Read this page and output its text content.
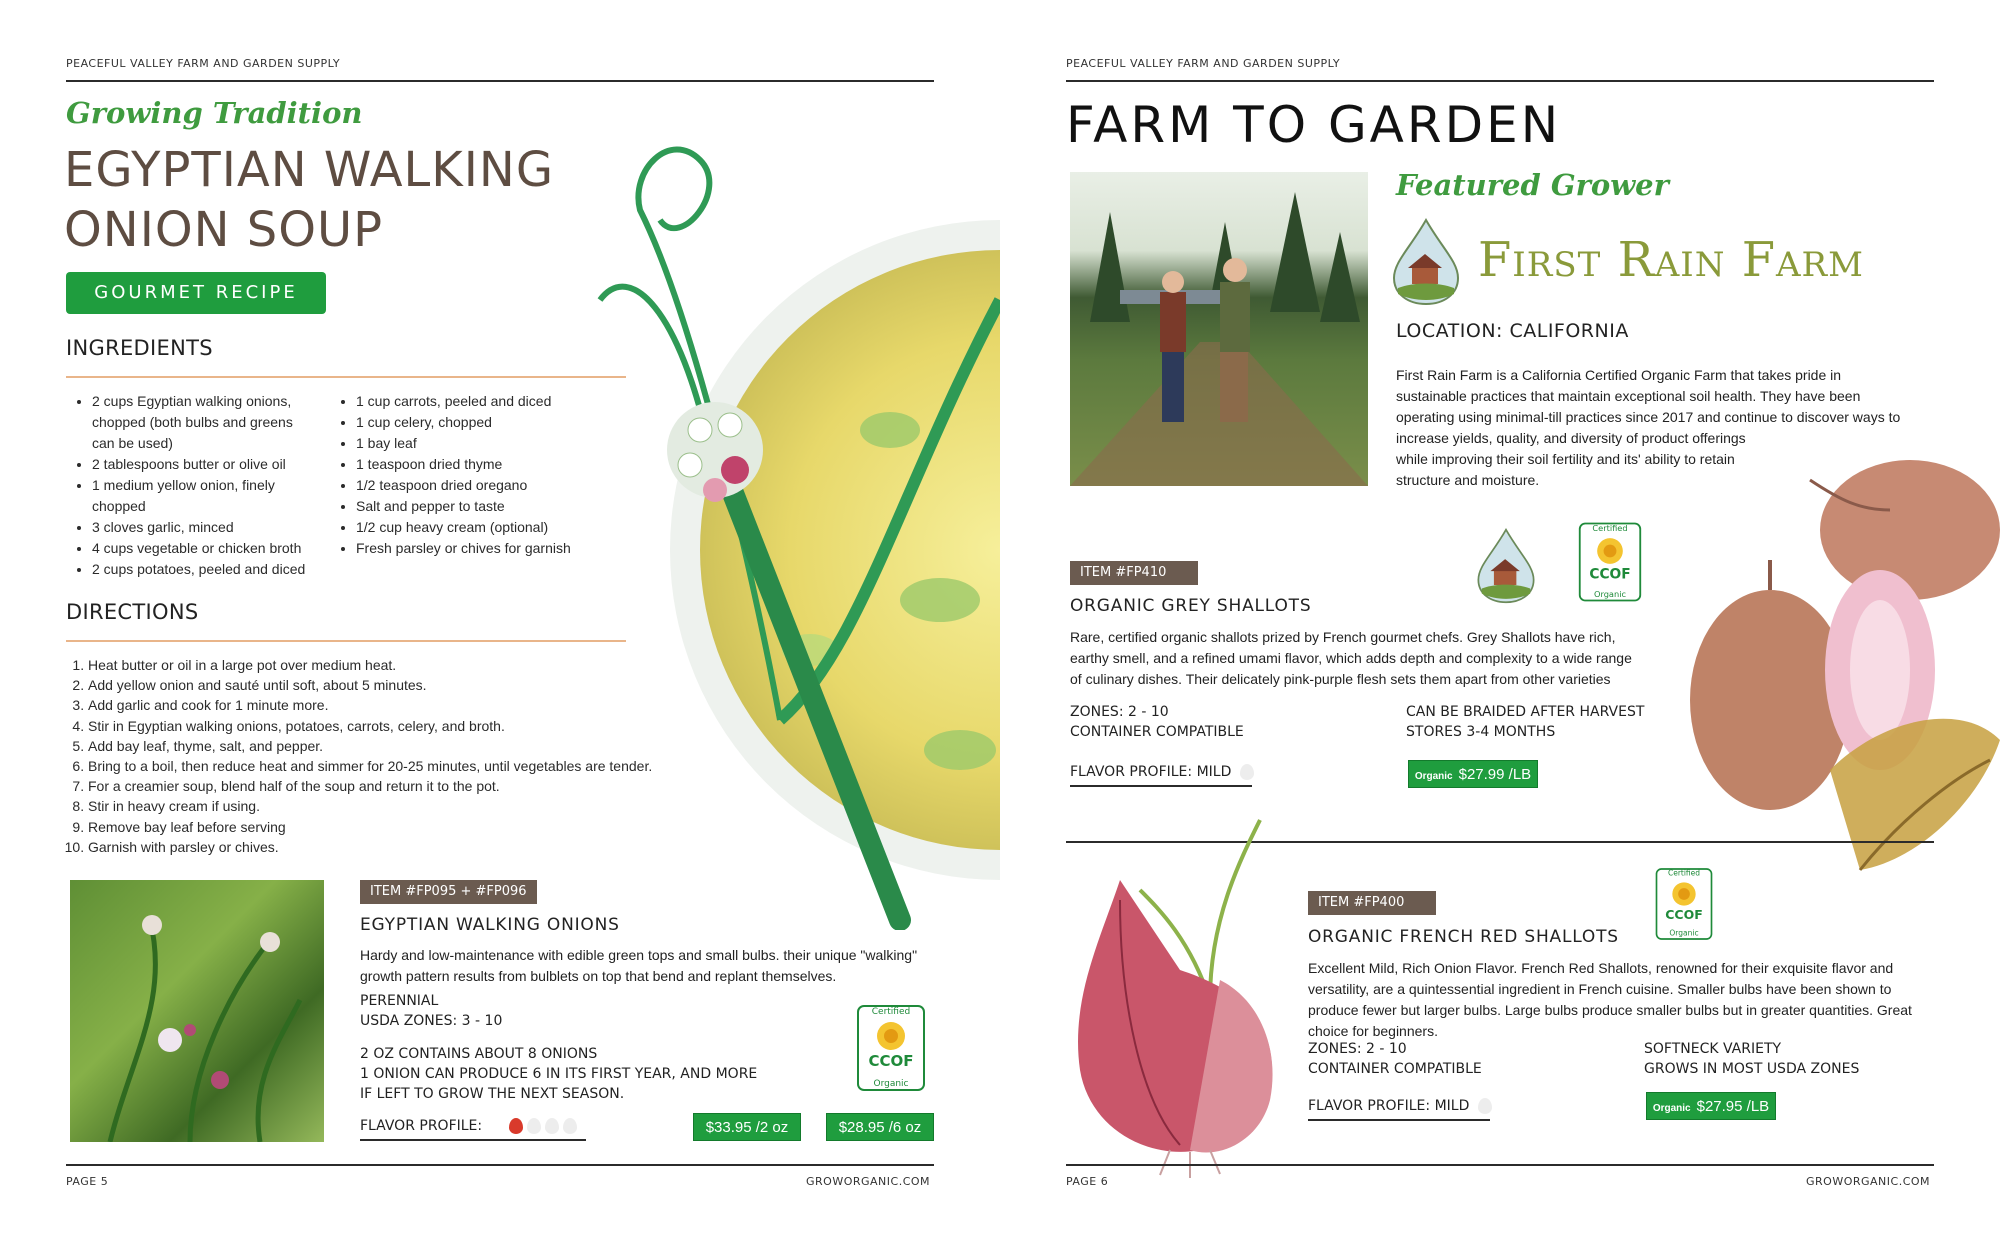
PEACEFUL VALLEY FARM AND GARDEN SUPPLY
Growing Tradition
EGYPTIAN WALKING
ONION SOUP
GOURMET RECIPE
INGREDIENTS
• 2 cups Egyptian walking onions, chopped (both bulbs and greens can be used)
• 2 tablespoons butter or olive oil
• 1 medium yellow onion, finely chopped
• 3 cloves garlic, minced
• 4 cups vegetable or chicken broth
• 2 cups potatoes, peeled and diced
• 1 cup carrots, peeled and diced
• 1 cup celery, chopped
• 1 bay leaf
• 1 teaspoon dried thyme
• 1/2 teaspoon dried oregano
• Salt and pepper to taste
• 1/2 cup heavy cream (optional)
• Fresh parsley or chives for garnish
DIRECTIONS
1. Heat butter or oil in a large pot over medium heat.
2. Add yellow onion and sauté until soft, about 5 minutes.
3. Add garlic and cook for 1 minute more.
4. Stir in Egyptian walking onions, potatoes, carrots, celery, and broth.
5. Add bay leaf, thyme, salt, and pepper.
6. Bring to a boil, then reduce heat and simmer for 20-25 minutes, until vegetables are tender.
7. For a creamier soup, blend half of the soup and return it to the pot.
8. Stir in heavy cream if using.
9. Remove bay leaf before serving
10. Garnish with parsley or chives.
ITEM #FP095 + #FP096
EGYPTIAN WALKING ONIONS
Hardy and low-maintenance with edible green tops and small bulbs. their unique "walking" growth pattern results from bulblets on top that bend and replant themselves.
PERENNIAL
USDA ZONES: 3 - 10
2 OZ CONTAINS ABOUT 8 ONIONS
1 ONION CAN PRODUCE 6 IN ITS FIRST YEAR, AND MORE
IF LEFT TO GROW THE NEXT SEASON.
FLAVOR PROFILE:
Certified
CCOF
Organic
$33.95 /2 oz	$28.95 /6 oz
PAGE 5	GROWORGANIC.COM
PEACEFUL VALLEY FARM AND GARDEN SUPPLY
FARM TO GARDEN
Featured Grower
First Rain Farm
LOCATION: CALIFORNIA
First Rain Farm is a California Certified Organic Farm that takes pride in
sustainable practices that maintain exceptional soil health. They have been
operating using minimal-till practices since 2017 and continue to discover ways to
increase yields, quality, and diversity of product offerings
while improving their soil fertility and its' ability to retain
structure and moisture.
Certified
CCOF
Organic
ITEM #FP410
ORGANIC GREY SHALLOTS
Rare, certified organic shallots prized by French gourmet chefs. Grey Shallots have rich, earthy smell, and a refined umami flavor, which adds depth and complexity to a wide range of culinary dishes. Their delicately pink-purple flesh sets them apart from other varieties
ZONES: 2 - 10
CONTAINER COMPATIBLE
CAN BE BRAIDED AFTER HARVEST
STORES 3-4 MONTHS
FLAVOR PROFILE: MILD	Organic $27.99 /LB
ITEM #FP400
Certified
CCOF
Organic
ORGANIC FRENCH RED SHALLOTS
Excellent Mild, Rich Onion Flavor. French Red Shallots, renowned for their exquisite flavor and versatility, are a quintessential ingredient in French cuisine. Smaller bulbs have been shown to produce fewer but larger bulbs. Large bulbs produce smaller bulbs but in greater quantities. Great choice for beginners.
ZONES: 2 - 10
CONTAINER COMPATIBLE
SOFTNECK VARIETY
GROWS IN MOST USDA ZONES
FLAVOR PROFILE: MILD	Organic $27.95 /LB
PAGE 6	GROWORGANIC.COM
